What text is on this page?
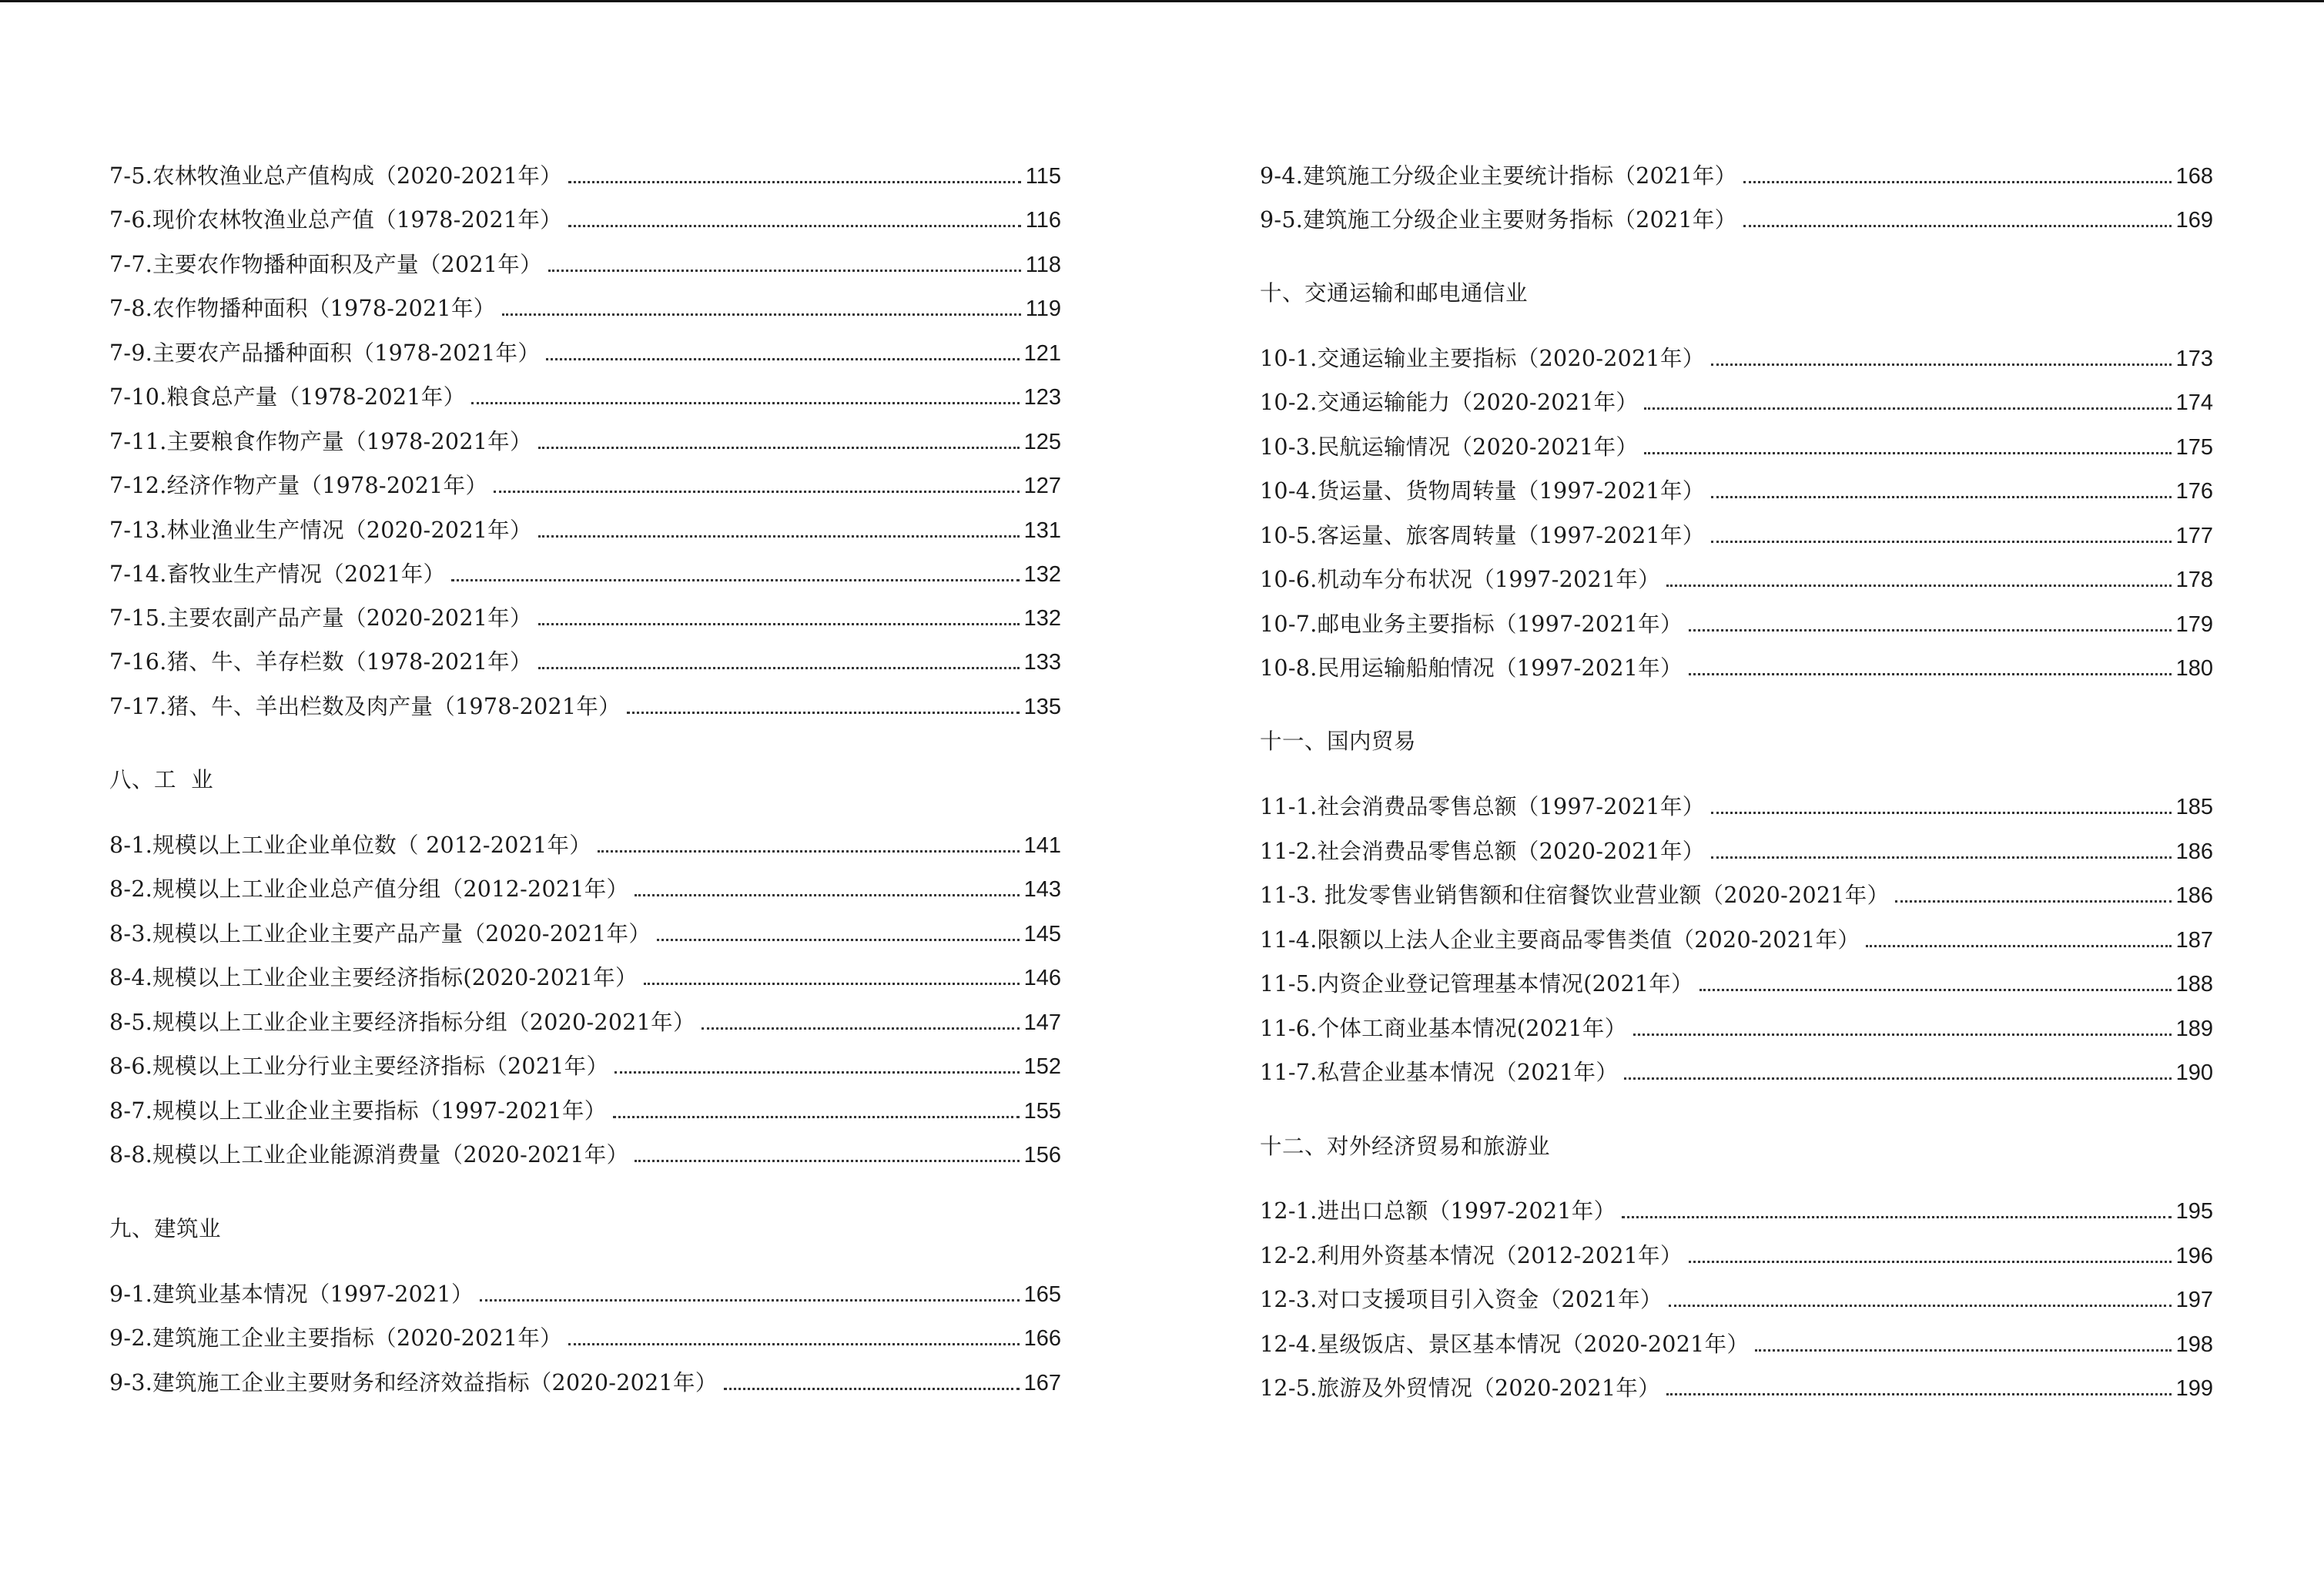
7-5.农林牧渔业总产值构成（2020-2021年）	115
7-6.现价农林牧渔业总产值（1978-2021年）	116
7-7.主要农作物播种面积及产量（2021年）	118
7-8.农作物播种面积（1978-2021年）	119
7-9.主要农产品播种面积（1978-2021年）	121
7-10.粮食总产量（1978-2021年）	123
7-11.主要粮食作物产量（1978-2021年）	125
7-12.经济作物产量（1978-2021年）	127
7-13.林业渔业生产情况（2020-2021年）	131
7-14.畜牧业生产情况（2021年）	132
7-15.主要农副产品产量（2020-2021年）	132
7-16.猪、牛、羊存栏数（1978-2021年）	133
7-17.猪、牛、羊出栏数及肉产量（1978-2021年）	135
八、工  业
8-1.规模以上工业企业单位数（ 2012-2021年）	141
8-2.规模以上工业企业总产值分组（2012-2021年）	143
8-3.规模以上工业企业主要产品产量（2020-2021年）	145
8-4.规模以上工业企业主要经济指标(2020-2021年）	146
8-5.规模以上工业企业主要经济指标分组（2020-2021年）	147
8-6.规模以上工业分行业主要经济指标（2021年）	152
8-7.规模以上工业企业主要指标（1997-2021年）	155
8-8.规模以上工业企业能源消费量（2020-2021年）	156
九、建筑业
9-1.建筑业基本情况（1997-2021）	165
9-2.建筑施工企业主要指标（2020-2021年）	166
9-3.建筑施工企业主要财务和经济效益指标（2020-2021年）	167
9-4.建筑施工分级企业主要统计指标（2021年）	168
9-5.建筑施工分级企业主要财务指标（2021年）	169
十、交通运输和邮电通信业
10-1.交通运输业主要指标（2020-2021年）	173
10-2.交通运输能力（2020-2021年）	174
10-3.民航运输情况（2020-2021年）	175
10-4.货运量、货物周转量（1997-2021年）	176
10-5.客运量、旅客周转量（1997-2021年）	177
10-6.机动车分布状况（1997-2021年）	178
10-7.邮电业务主要指标（1997-2021年）	179
10-8.民用运输船舶情况（1997-2021年）	180
十一、国内贸易
11-1.社会消费品零售总额（1997-2021年）	185
11-2.社会消费品零售总额（2020-2021年）	186
11-3. 批发零售业销售额和住宿餐饮业营业额（2020-2021年）	186
11-4.限额以上法人企业主要商品零售类值（2020-2021年）	187
11-5.内资企业登记管理基本情况(2021年）	188
11-6.个体工商业基本情况(2021年）	189
11-7.私营企业基本情况（2021年）	190
十二、对外经济贸易和旅游业
12-1.进出口总额（1997-2021年）	195
12-2.利用外资基本情况（2012-2021年）	196
12-3.对口支援项目引入资金（2021年）	197
12-4.星级饭店、景区基本情况（2020-2021年）	198
12-5.旅游及外贸情况（2020-2021年）	199
